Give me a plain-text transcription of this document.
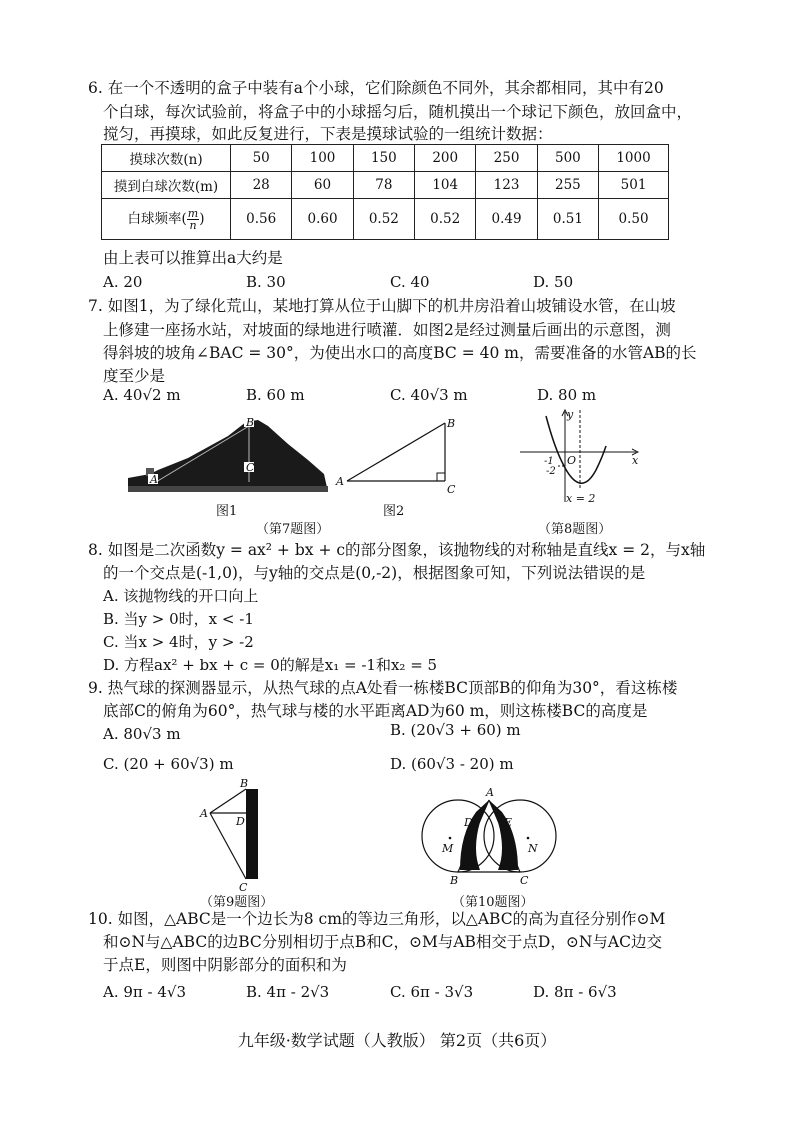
6. 在一个不透明的盒子中装有a个小球，它们除颜色不同外，其余都相同，其中有20
个白球，每次试验前，将盒子中的小球摇匀后，随机摸出一个球记下颜色，放回盒中，
搅匀，再摸球，如此反复进行，下表是摸球试验的一组统计数据：
摸球次数(n)	50	100	150	200	250	500	1000
摸到白球次数(m)	28	60	78	104	123	255	501
白球频率( $\frac{m}{n}$ )	0.56	0.60	0.52	0.52	0.49	0.51	0.50
由上表可以推算出a大约是
A. 20	B. 30	C. 40	D. 50
7. 如图1，为了绿化荒山，某地打算从位于山脚下的机井房沿着山坡铺设水管，在山坡
上修建一座扬水站，对坡面的绿地进行喷灌．如图2是经过测量后画出的示意图，测
得斜坡的坡角∠BAC = 30°，为使出水口的高度BC = 40 m，需要准备的水管AB的长
度至少是
A. 40√2 m	B. 60 m	C. 40√3 m	D. 80 m
A
B
C
图1
A
B
C
图2
（第7题图）
y
x
O
-1
-2
x = 2
（第8题图）
8. 如图是二次函数y = ax² + bx + c的部分图象，该抛物线的对称轴是直线x = 2，与x轴
的一个交点是(-1,0)，与y轴的交点是(0,-2)，根据图象可知，下列说法错误的是
A. 该抛物线的开口向上
B. 当y > 0时，x < -1
C. 当x > 4时，y > -2
D. 方程ax² + bx + c = 0的解是x₁ = -1和x₂ = 5
9. 热气球的探测器显示，从热气球的点A处看一栋楼BC顶部B的仰角为30°，看这栋楼
底部C的俯角为60°，热气球与楼的水平距离AD为60 m，则这栋楼BC的高度是
A. 80√3 m	B. (20√3 + 60) m
C. (20 + 60√3) m	D. (60√3 - 20) m
A
B
D
C
（第9题图）
A
D	E
M	N
B	C
（第10题图）
10. 如图，△ABC是一个边长为8 cm的等边三角形，以△ABC的高为直径分别作⊙M
和⊙N与△ABC的边BC分别相切于点B和C，⊙M与AB相交于点D，⊙N与AC边交
于点E，则图中阴影部分的面积和为
A. 9π - 4√3	B. 4π - 2√3	C. 6π - 3√3	D. 8π - 6√3
九年级·数学试题（人教版） 第2页（共6页）
